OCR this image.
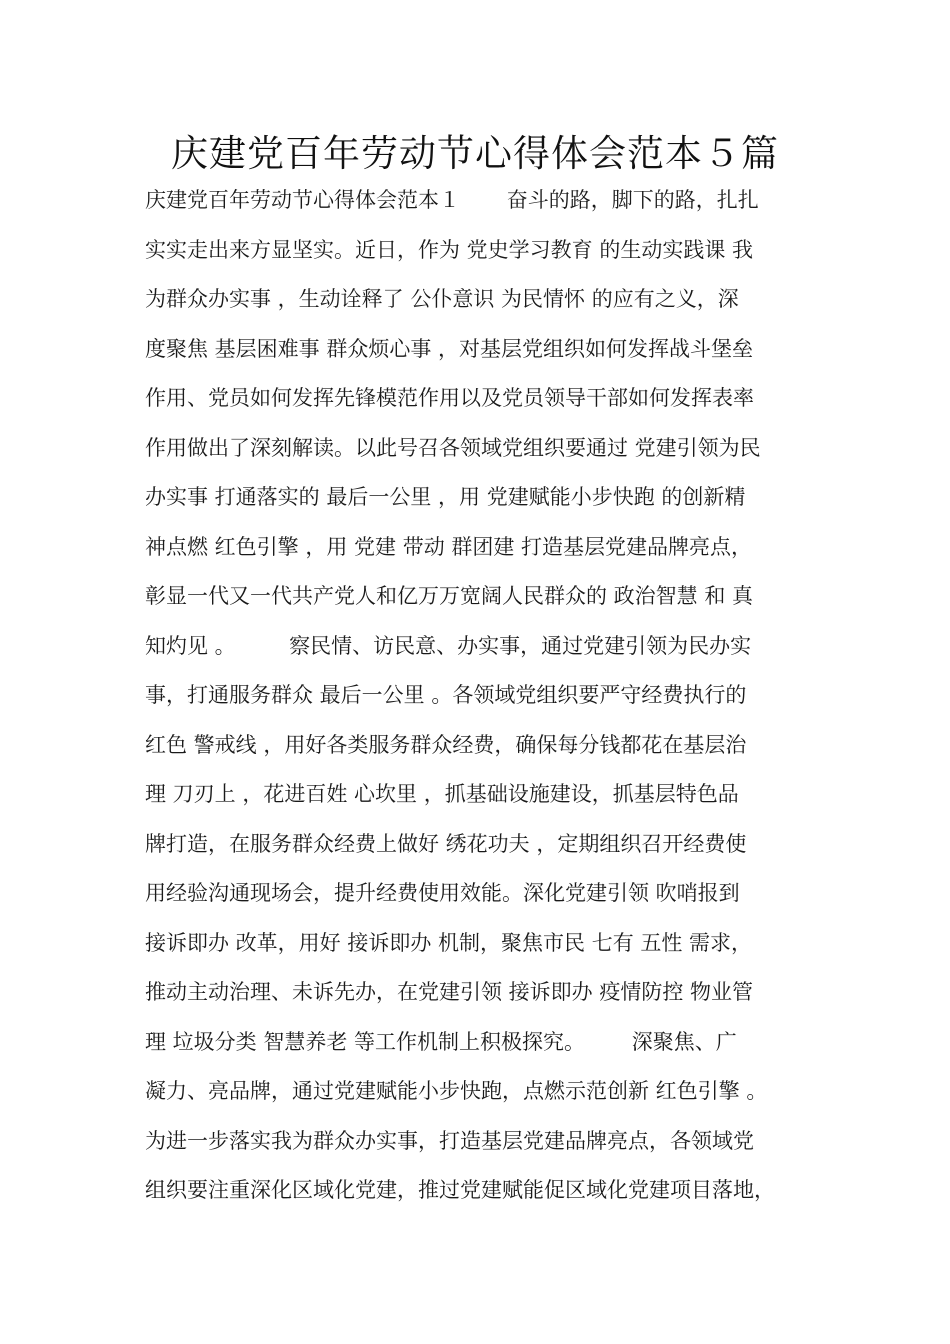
庆建党百年劳动节心得体会范本５篇
庆建党百年劳动节心得体会范本１       奋斗的路，脚下的路，扎扎
实实走出来方显坚实。近日，作为 党史学习教育 的生动实践课 我
为群众办实事 ，生动诠释了 公仆意识 为民情怀 的应有之义，深
度聚焦 基层困难事 群众烦心事 ，对基层党组织如何发挥战斗堡垒
作用、党员如何发挥先锋模范作用以及党员领导干部如何发挥表率
作用做出了深刻解读。以此号召各领域党组织要通过 党建引领为民
办实事 打通落实的 最后一公里 ，用 党建赋能小步快跑 的创新精
神点燃 红色引擎 ，用 党建 带动 群团建 打造基层党建品牌亮点，
彰显一代又一代共产党人和亿万万宽阔人民群众的 政治智慧 和 真
知灼见 。        察民情、访民意、办实事，通过党建引领为民办实
事，打通服务群众 最后一公里 。各领域党组织要严守经费执行的
红色 警戒线 ，用好各类服务群众经费，确保每分钱都花在基层治
理 刀刃上 ，花进百姓 心坎里 ，抓基础设施建设，抓基层特色品
牌打造，在服务群众经费上做好 绣花功夫 ，定期组织召开经费使
用经验沟通现场会，提升经费使用效能。深化党建引领 吹哨报到
接诉即办 改革，用好 接诉即办 机制，聚焦市民 七有 五性 需求，
推动主动治理、未诉先办，在党建引领 接诉即办 疫情防控 物业管
理 垃圾分类 智慧养老 等工作机制上积极探究。       深聚焦、广
凝力、亮品牌，通过党建赋能小步快跑，点燃示范创新 红色引擎 。
为进一步落实我为群众办实事，打造基层党建品牌亮点，各领域党
组织要注重深化区域化党建，推过党建赋能促区域化党建项目落地，
